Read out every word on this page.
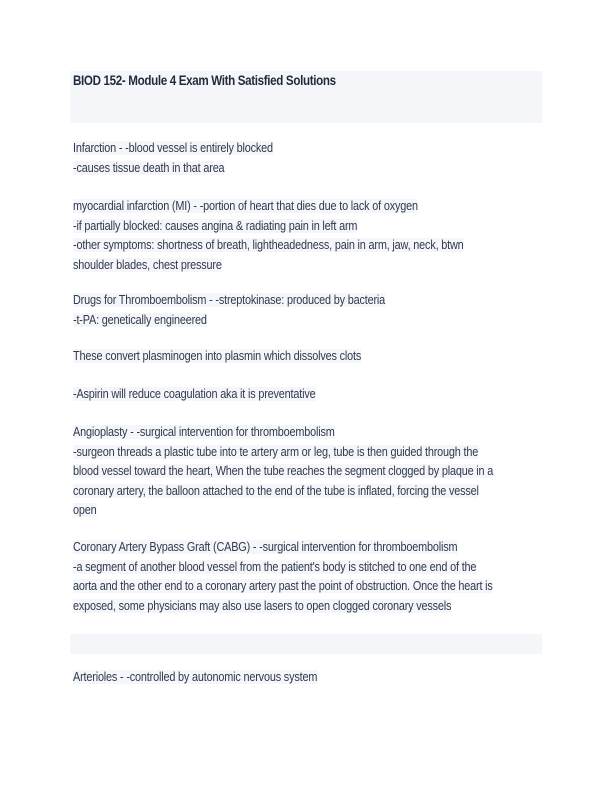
BIOD 152- Module 4 Exam With Satisfied Solutions

Infarction - -blood vessel is entirely blocked
-causes tissue death in that area

myocardial infarction (MI) - -portion of heart that dies due to lack of oxygen
-if partially blocked: causes angina & radiating pain in left arm
-other symptoms: shortness of breath, lightheadedness, pain in arm, jaw, neck, btwn
shoulder blades, chest pressure

Drugs for Thromboembolism - -streptokinase: produced by bacteria
-t-PA: genetically engineered

These convert plasminogen into plasmin which dissolves clots

-Aspirin will reduce coagulation aka it is preventative

Angioplasty - -surgical intervention for thromboembolism
-surgeon threads a plastic tube into te artery arm or leg, tube is then guided through the
blood vessel toward the heart, When the tube reaches the segment clogged by plaque in a
coronary artery, the balloon attached to the end of the tube is inflated, forcing the vessel
open

Coronary Artery Bypass Graft (CABG) - -surgical intervention for thromboembolism
-a segment of another blood vessel from the patient's body is stitched to one end of the
aorta and the other end to a coronary artery past the point of obstruction. Once the heart is
exposed, some physicians may also use lasers to open clogged coronary vessels

Arterioles - -controlled by autonomic nervous system
